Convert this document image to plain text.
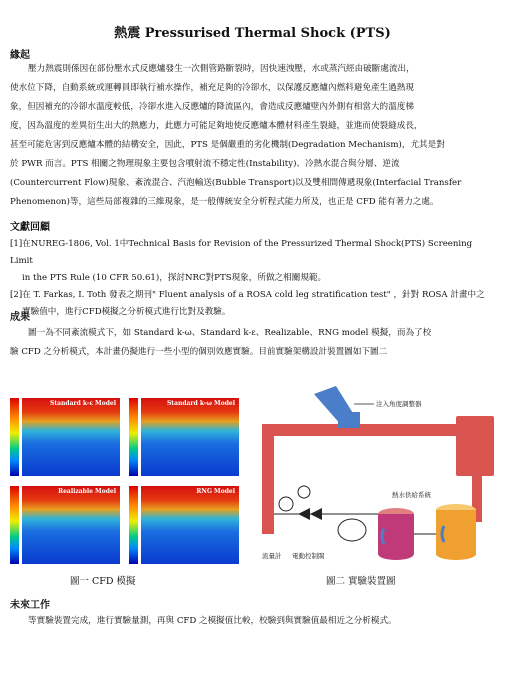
熱震 Pressurised Thermal Shock (PTS)
緣起
壓力熱震則係因在部份壓水式反應爐發生一次側管路斷裂時，因快速洩壓，水或蒸汽經由破斷處流出，
使水位下降，自動系統或運轉員即執行補水操作，補充足夠的冷卻水，以保護反應爐內燃料避免產生過熱現
象，但因補充的冷卻水溫度較低，冷卻水進入反應爐的降流區內，會造成反應爐壁內外側有相當大的溫度梯
度，因為溫度的差異衍生出大的熱應力，此應力可能足夠地使反應爐本體材料產生裂縫，並進而使裂縫成長，
甚至可能危害到反應爐本體的結構安全，因此，PTS 是個嚴重的劣化機制(Degradation Mechanism)，尤其是對
於 PWR 而言。PTS 相關之物理現象主要包含噴射流不穩定性(Instability)、冷熱水混合與分層、逆流
(Countercurrent Flow)現象、紊流混合、汽泡輸送(Bubble Transport)以及雙相間傳遞現象(Interfacial Transfer
Phenomenon)等，這些局部複雜的三維現象，是一般傳統安全分析程式能力所及，也正是 CFD 能有著力之處。
文獻回顧
[1]在NUREG-1806, Vol. 1中Technical Basis for Revision of the Pressurized Thermal Shock(PTS) Screening Limit
in the PTS Rule (10 CFR 50.61)，探討NRC對PTS現象，所做之相關規範。
[2]在 T. Farkas, I. Toth 發表之期刊" Fluent analysis of a ROSA cold leg stratification test" ，針對 ROSA 計畫中之
實驗值中，進行CFD模擬之分析模式進行比對及教驗。
成果
圖一為不同紊流模式下，如 Standard k-ω、Standard k-ε、Realizable、RNG model 模擬，而為了校
驗 CFD 之分析模式，本計畫仍擬進行一些小型的個別效應實驗。目前實驗架構設計裝置圖如下圖二
Standard k-ε Model	Standard k-ω Model
Realizable Model	RNG Model
圖一 CFD 模擬
注入角度調整器
熱水供給系統
流量計 電動控制閥
圖二 實驗裝置圖
未來工作
等實驗裝置完成，進行實驗量測，再與 CFD 之模擬值比較，校驗到與實驗值最相近之分析模式。
